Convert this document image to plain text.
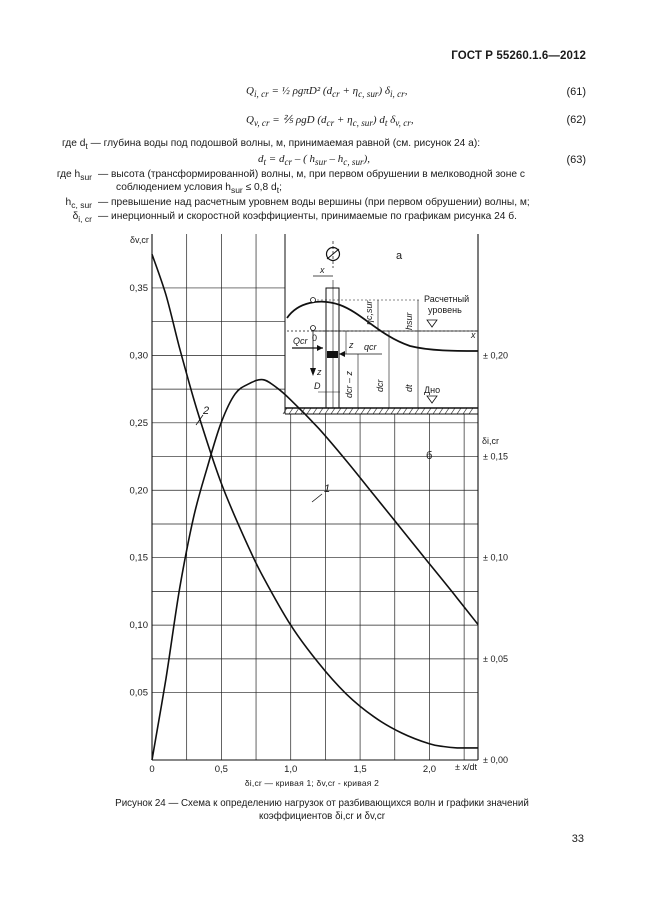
ГОСТ Р 55260.1.6—2012
$Q_{i, cr}$ = ½ ρgπD² $(d_{cr} + \eta_{c, sur})$ $\delta_{i, cr}$,	(61)
$Q_{v, cr}$ = ⅖ ρgD $(d_{cr} + \eta_{c, sur})$ $d_t$ $\delta_{v, cr}$,	(62)
где $d_t$ — глубина воды под подошвой волны, м, принимаемая равной (см. рисунок 24 а):
$d_t = d_{cr}$ – ( $h_{sur} - h_{c, sur}$),	(63)
где $h_{sur}$ — высота (трансформированной) волны, м, при первом обрушении в мелководной зоне с
соблюдением условия $h_{sur} \le 0,8$ $d_t$;
$h_{c, sur}$ — превышение над расчетным уровнем воды вершины (при первом обрушении) волны, м;
$\delta_{i, cr}$ — инерционный и скоростной коэффициенты, принимаемые по графикам рисунка 24 б.
а
x
x
Расчетный
уровень
ηc,sur	hsur
Qcr 0
qcr
z
z
D	dcr – z dcr dt Дно
0,05
0,10
0,15
0,20
0,25
0,30
0,35
± 0,00
± 0,05
± 0,10
± 0,15
± 0,20
0	0,5	1,0	1,5	2,0
δv,cr
δi,cr
± x/dt
б
1
2
δi,cr — кривая 1; δv,cr - кривая 2
Рисунок 24 — Схема к определению нагрузок от разбивающихся волн и графики значений
коэффициентов δi,cr и δv,cr
33
